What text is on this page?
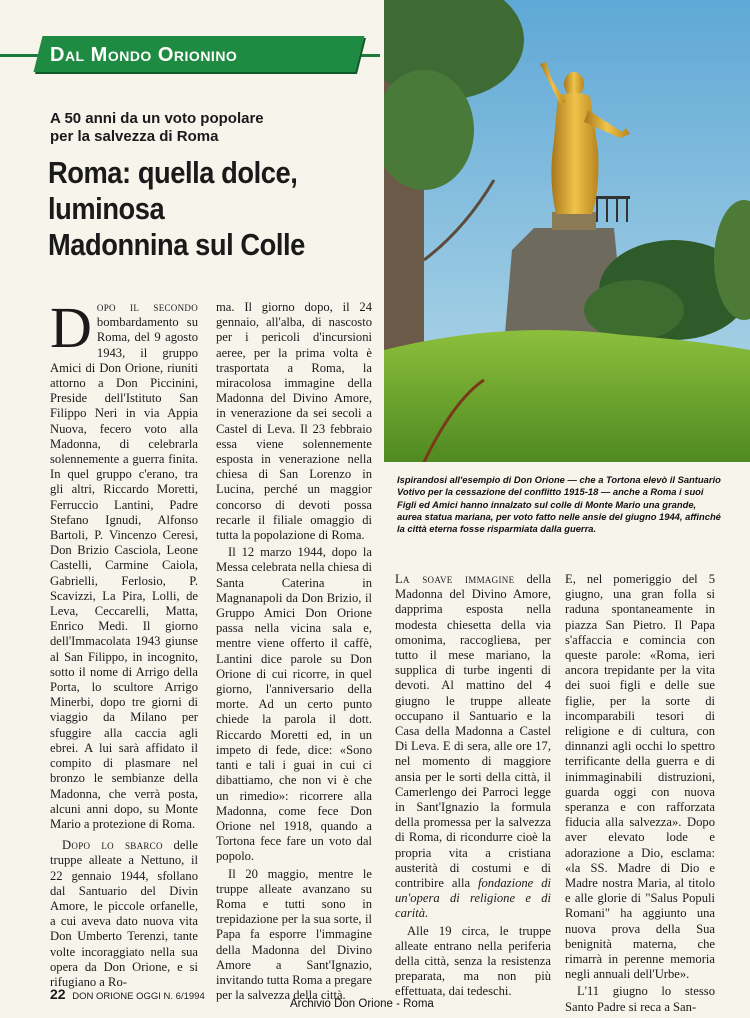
Dal Mondo Orionino
A 50 anni da un voto popolare
per la salvezza di Roma
Roma: quella dolce,
luminosa
Madonnina sul Colle

Dopo il secondo bombardamento su Roma, del 9 agosto 1943, il gruppo Amici di Don Orione, riuniti attorno a Don Piccinini, Preside dell'Istituto San Filippo Neri in via Appia Nuova, fecero voto alla Madonna, di celebrarla solennemente a guerra finita. In quel gruppo c'erano, tra gli altri, Riccardo Moretti, Ferruccio Lantini, Padre Stefano Ignudi, Alfonso Bartoli, P. Vincenzo Ceresi, Don Brizio Casciola, Leone Castelli, Carmine Caiola, Gabrielli, Ferlosio, P. Scavizzi, La Pira, Lolli, de Leva, Ceccarelli, Matta, Enrico Medi. Il giorno dell'Immacolata 1943 giunse al San Filippo, in incognito, sotto il nome di Arrigo della Porta, lo scultore Arrigo Minerbi, dopo tre giorni di viaggio da Milano per sfuggire alla caccia agli ebrei. A lui sarà affidato il compito di plasmare nel bronzo le sembianze della Madonna, che verrà posta, alcuni anni dopo, su Monte Mario a protezione di Roma.

Dopo lo sbarco delle truppe alleate a Nettuno, il 22 gennaio 1944, sfollano dal Santuario del Divin Amore, le piccole orfanelle, a cui aveva dato nuova vita Don Umberto Terenzi, tante volte incoraggiato nella sua opera da Don Orione, e si rifugiano a Ro-

ma. Il giorno dopo, il 24 gennaio, all'alba, di nascosto per i pericoli d'incursioni aeree, per la prima volta è trasportata a Roma, la miracolosa immagine della Madonna del Divino Amore, in venerazione da sei secoli a Castel di Leva. Il 23 febbraio essa viene solennemente esposta in venerazione nella chiesa di San Lorenzo in Lucina, perché un maggior concorso di devoti possa recarle il filiale omaggio di tutta la popolazione di Roma.

Il 12 marzo 1944, dopo la Messa celebrata nella chiesa di Santa Caterina in Magnanapoli da Don Brizio, il Gruppo Amici Don Orione passa nella vicina sala e, mentre viene offerto il caffè, Lantini dice parole su Don Orione di cui ricorre, in quel giorno, l'anniversario della morte. Ad un certo punto chiede la parola il dott. Riccardo Moretti ed, in un impeto di fede, dice: «Sono tanti e tali i guai in cui ci dibattiamo, che non vi è che un rimedio»: ricorrere alla Madonna, come fece Don Orione nel 1918, quando a Tortona fece fare un voto dal popolo.

Il 20 maggio, mentre le truppe alleate avanzano su Roma e tutti sono in trepidazione per la sua sorte, il Papa fa esporre l'immagine della Madonna del Divino Amore a Sant'Ignazio, invitando tutta Roma a pregare per la salvezza della città.

Ispirandosi all'esempio di Don Orione — che a Tortona elevò il Santuario Votivo per la cessazione del conflitto 1915-18 — anche a Roma i suoi Figli ed Amici hanno innalzato sul colle di Monte Mario una grande, aurea statua mariana, per voto fatto nelle ansie del giugno 1944, affinché la città eterna fosse risparmiata dalla guerra.

La soave immagine della Madonna del Divino Amore, dapprima esposta nella modesta chiesetta della via omonima, raccogliева, per tutto il mese mariano, la supplica di turbe ingenti di devoti. Al mattino del 4 giugno le truppe alleate occupano il Santuario e la Casa della Madonna a Castel Di Leva. E di sera, alle ore 17, nel momento di maggiore ansia per le sorti della città, il Camerlengo dei Parroci legge in Sant'Ignazio la formula della promessa per la salvezza di Roma, di ricondurre cioè la propria vita a cristiana austerità di costumi e di contribire alla fondazione di un'opera di religione e di carità.

Alle 19 circa, le truppe alleate entrano nella periferia della città, senza la resistenza preparata, ma non più effettuata, dai tedeschi.

E, nel pomeriggio del 5 giugno, una gran folla si raduna spontaneamente in piazza San Pietro. Il Papa s'affaccia e comincia con queste parole: «Roma, ieri ancora trepidante per la vita dei suoi figli e delle sue figlie, per la sorte di incomparabili tesori di religione e di cultura, con dinnanzi agli occhi lo spettro terrificante della guerra e di inimmaginabili distruzioni, guarda oggi con nuova speranza e con rafforzata fiducia alla salvezza». Dopo aver elevato lode e adorazione a Dio, esclama: «la SS. Madre di Dio e Madre nostra Maria, al titolo e alle glorie di "Salus Populi Romani" ha aggiunto una nuova prova della Sua benignità materna, che rimarrà in perenne memoria negli annuali dell'Urbe».

L'11 giugno lo stesso Santo Padre si reca a San-

22 DON ORIONE OGGI N. 6/1994
Archivio Don Orione - Roma
